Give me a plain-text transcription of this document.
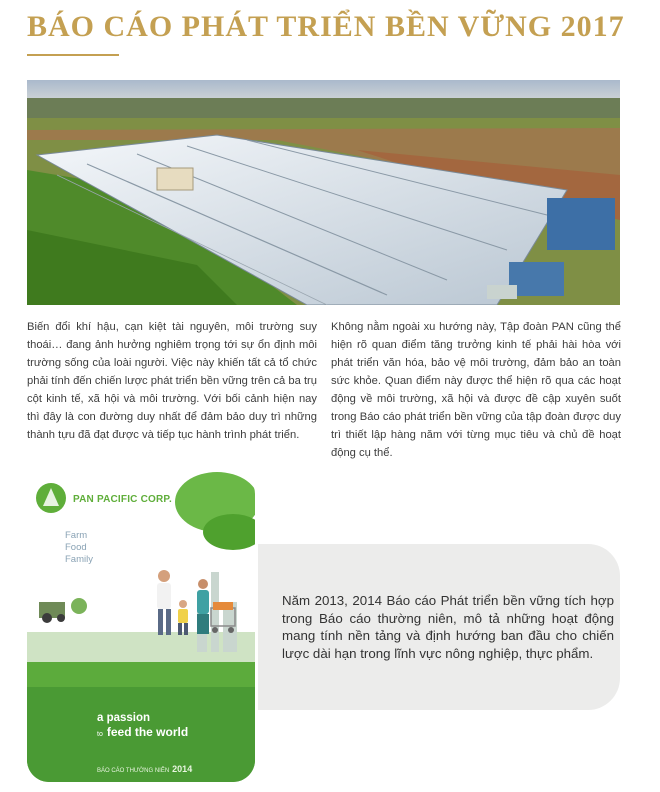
BÁO CÁO PHÁT TRIỂN BỀN VỮNG 2017

Biến đổi khí hậu, cạn kiệt tài nguyên, môi trường suy thoái… đang ảnh hưởng nghiêm trọng tới sự ổn định môi trường sống của loài người. Việc này khiến tất cả tổ chức phải tính đến chiến lược phát triển bền vững trên cả ba trụ cột kinh tế, xã hội và môi trường. Với bối cảnh hiện nay thì đây là con đường duy nhất để đảm bảo duy trì những thành tựu đã đạt được và tiếp tục hành trình phát triển.

Không nằm ngoài xu hướng này, Tập đoàn PAN cũng thể hiện rõ quan điểm tăng trưởng kinh tế phải hài hòa với phát triển văn hóa, bảo vệ môi trường, đảm bảo an toàn sức khỏe. Quan điểm này được thể hiện rõ qua các hoạt động về môi trường, xã hội và được đề cập xuyên suốt trong Báo cáo phát triển bền vững của tập đoàn được duy trì thiết lập hàng năm với từng mục tiêu và chủ đề hoạt động cụ thể.

PAN
PAN PACIFIC CORP.
Farm
Food
Family
a passion
to feed the world
BÁO CÁO THƯỜNG NIÊN 2014

Năm 2013, 2014 Báo cáo Phát triển bền vững tích hợp trong Báo cáo thường niên, mô tả những hoạt động mang tính nền tảng và định hướng ban đầu cho chiến lược dài hạn trong lĩnh vực nông nghiệp, thực phẩm.
